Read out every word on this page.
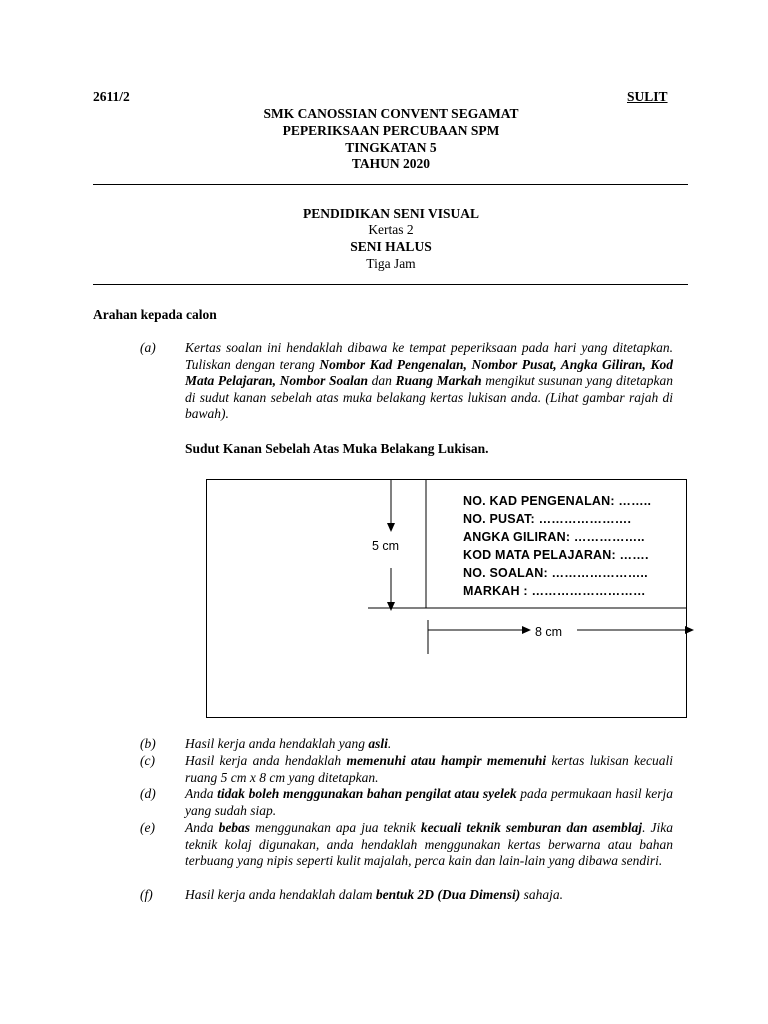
2611/2	SULIT
SMK CANOSSIAN CONVENT SEGAMAT
PEPERIKSAAN PERCUBAAN SPM
TINGKATAN 5
TAHUN 2020
PENDIDIKAN SENI VISUAL
Kertas 2
SENI HALUS
Tiga Jam
Arahan kepada calon
(a) Kertas soalan ini hendaklah dibawa ke tempat peperiksaan pada hari yang ditetapkan. Tuliskan dengan terang Nombor Kad Pengenalan, Nombor Pusat, Angka Giliran, Kod Mata Pelajaran, Nombor Soalan dan Ruang Markah mengikut susunan yang ditetapkan di sudut kanan sebelah atas muka belakang kertas lukisan anda. (Lihat gambar rajah di bawah).
Sudut Kanan Sebelah Atas Muka Belakang Lukisan.
5 cm
8 cm
NO. KAD PENGENALAN: ……..
NO. PUSAT: ………………….
ANGKA GILIRAN: ……………..
KOD MATA PELAJARAN: …….
NO. SOALAN: …………………..
MARKAH : ………………………
(b) Hasil kerja anda hendaklah yang asli.
(c) Hasil kerja anda hendaklah memenuhi atau hampir memenuhi kertas lukisan kecuali ruang 5 cm x 8 cm yang ditetapkan.
(d) Anda tidak boleh menggunakan bahan pengilat atau syelek pada permukaan hasil kerja yang sudah siap.
(e) Anda bebas menggunakan apa jua teknik kecuali teknik semburan dan asemblaj. Jika teknik kolaj digunakan, anda hendaklah menggunakan kertas berwarna atau bahan terbuang yang nipis seperti kulit majalah, perca kain dan lain-lain yang dibawa sendiri.
(f) Hasil kerja anda hendaklah dalam bentuk 2D (Dua Dimensi) sahaja.
